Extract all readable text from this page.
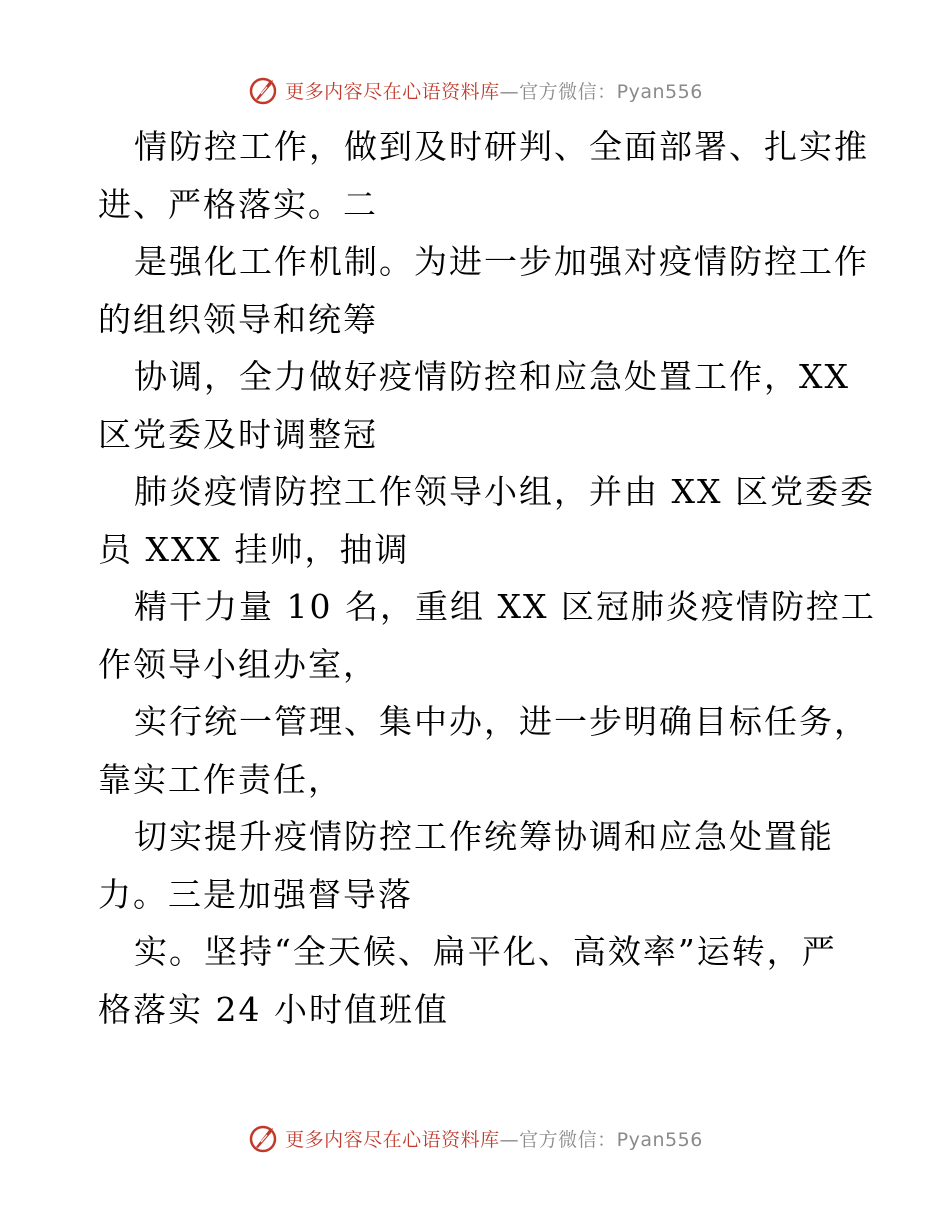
更多内容尽在心语资料库—官方微信：Pyan556
情防控工作，做到及时研判、全面部署、扎实推
进、严格落实。二
是强化工作机制。为进一步加强对疫情防控工作
的组织领导和统筹
协调，全力做好疫情防控和应急处置工作，XX
区党委及时调整冠
肺炎疫情防控工作领导小组，并由 XX 区党委委
员 XXX 挂帅，抽调
精干力量 10 名，重组 XX 区冠肺炎疫情防控工
作领导小组办室，
实行统一管理、集中办，进一步明确目标任务，
靠实工作责任，
切实提升疫情防控工作统筹协调和应急处置能
力。三是加强督导落
实。坚持“全天候、扁平化、高效率”运转，严
格落实 24 小时值班值
更多内容尽在心语资料库—官方微信：Pyan556
